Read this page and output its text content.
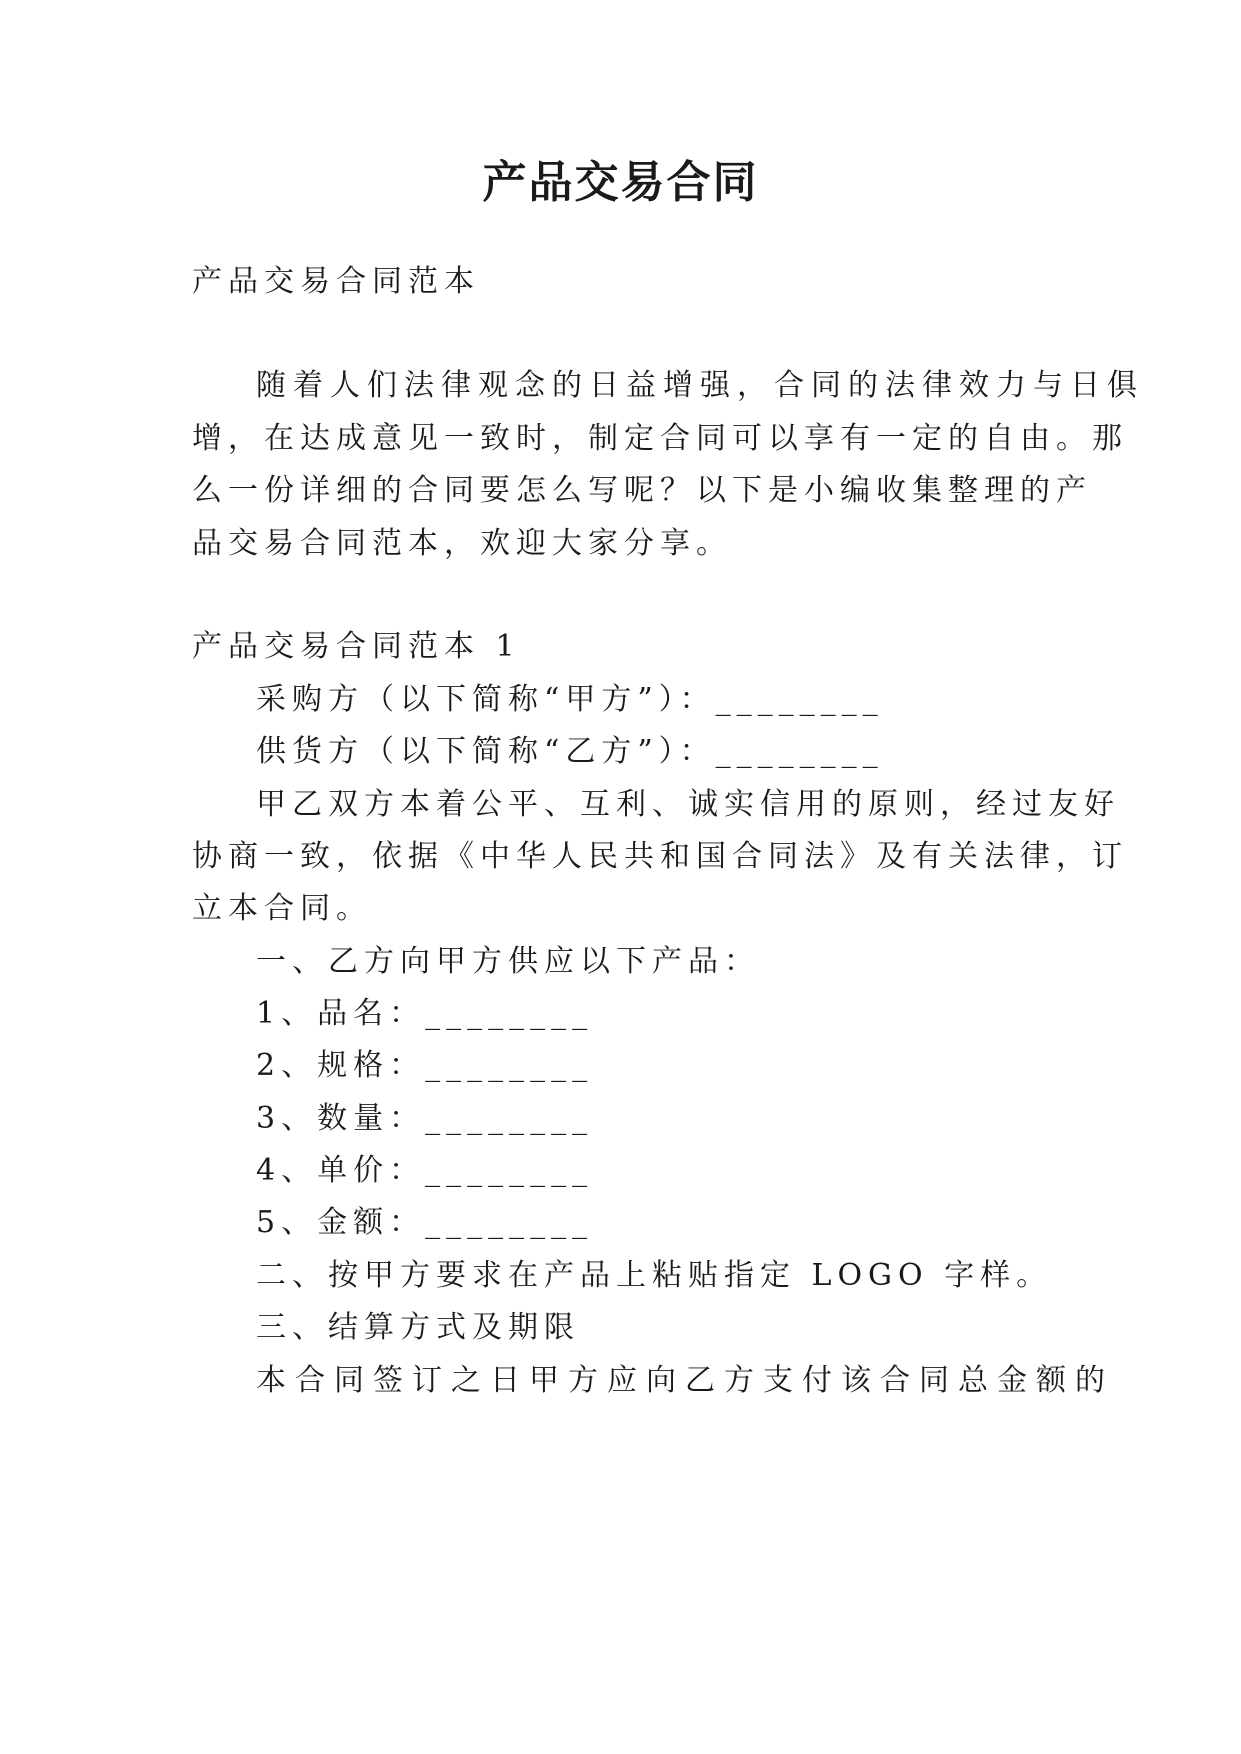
产品交易合同
产品交易合同范本
随着人们法律观念的日益增强，合同的法律效力与日俱
增，在达成意见一致时，制定合同可以享有一定的自由。那
么一份详细的合同要怎么写呢？以下是小编收集整理的产
品交易合同范本，欢迎大家分享。
产品交易合同范本 1
采购方（以下简称“甲方”）：________
供货方（以下简称“乙方”）：________
甲乙双方本着公平、互利、诚实信用的原则，经过友好
协商一致，依据《中华人民共和国合同法》及有关法律，订
立本合同。
一、乙方向甲方供应以下产品：
1、品名：________
2、规格：________
3、数量：________
4、单价：________
5、金额：________
二、按甲方要求在产品上粘贴指定 LOGO 字样。
三、结算方式及期限
本合同签订之日甲方应向乙方支付该合同总金额的
